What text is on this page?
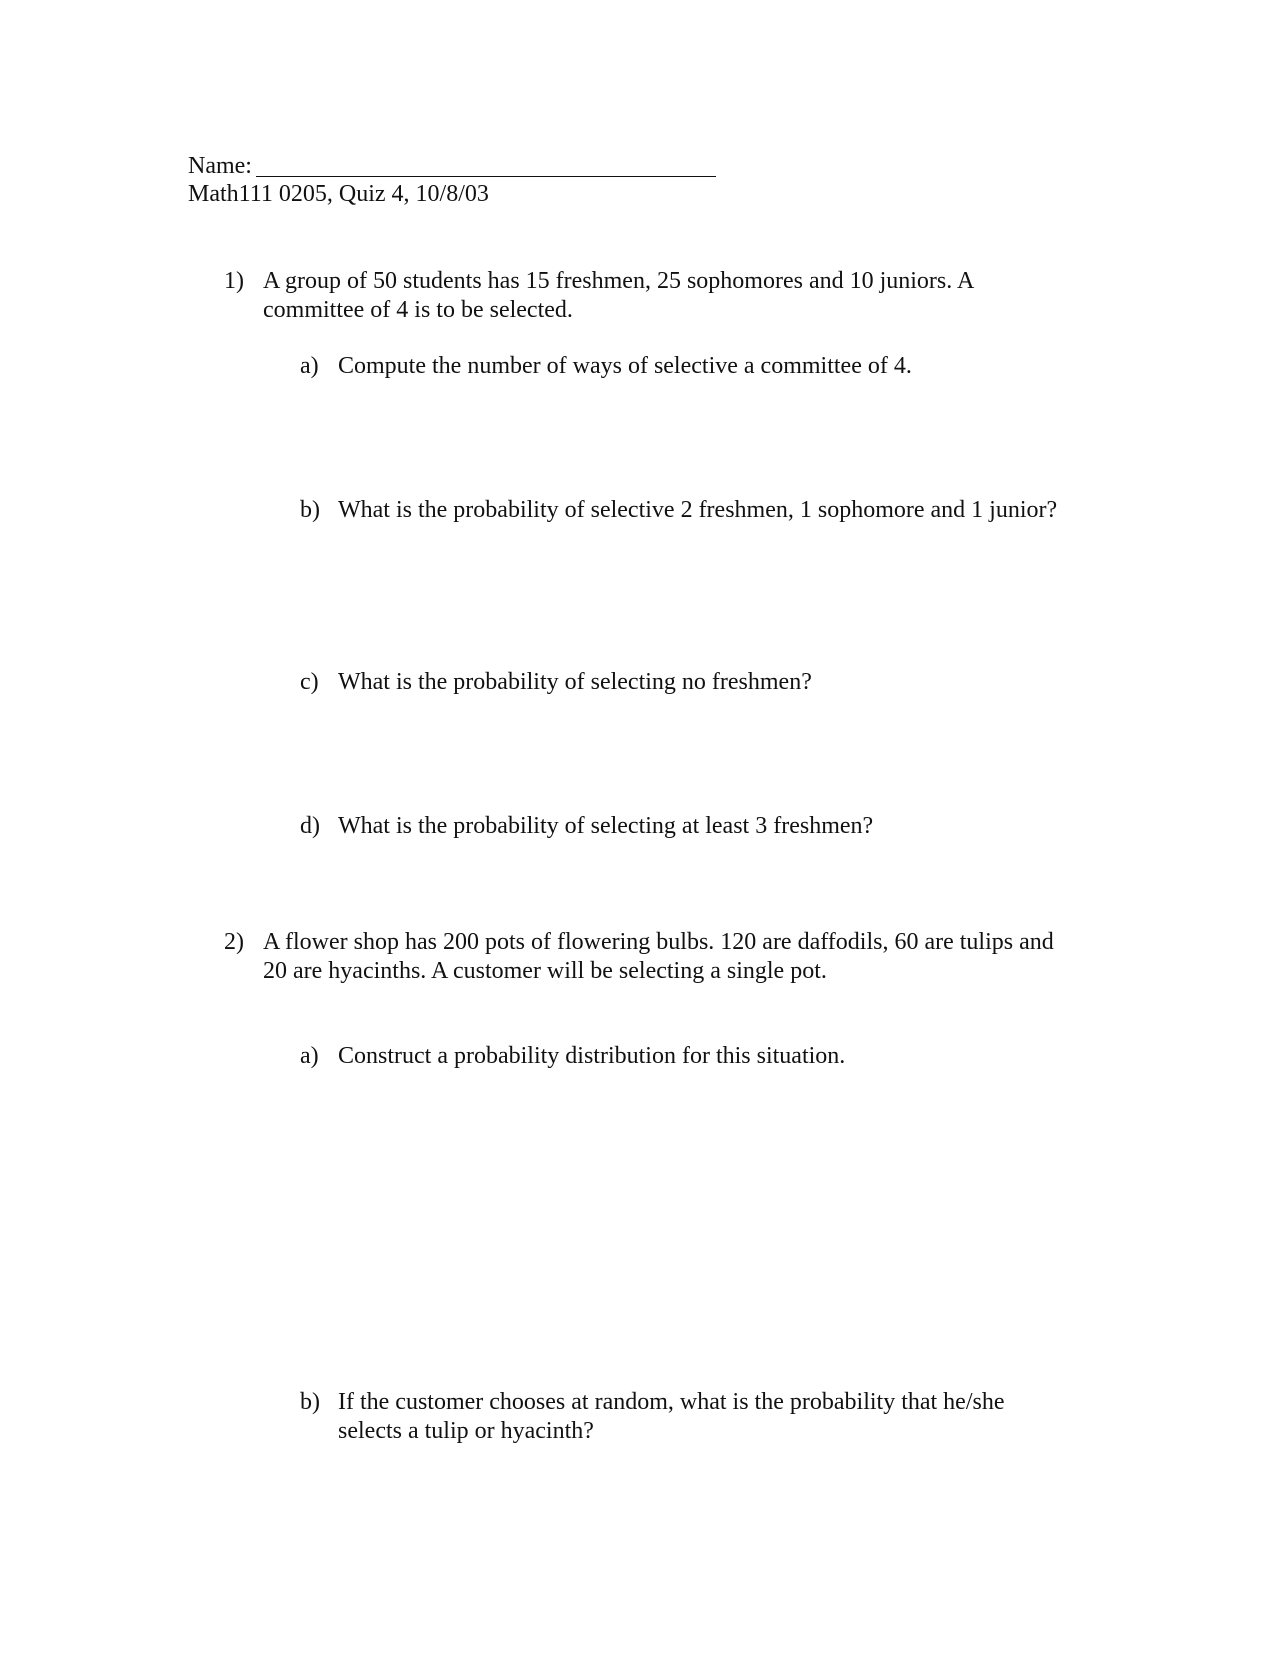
Name:
Math111 0205, Quiz 4, 10/8/03
1) A group of 50 students has 15 freshmen, 25 sophomores and 10 juniors. A committee of 4 is to be selected.
a) Compute the number of ways of selective a committee of 4.
b) What is the probability of selective 2 freshmen, 1 sophomore and 1 junior?
c) What is the probability of selecting no freshmen?
d) What is the probability of selecting at least 3 freshmen?
2) A flower shop has 200 pots of flowering bulbs. 120 are daffodils, 60 are tulips and 20 are hyacinths. A customer will be selecting a single pot.
a) Construct a probability distribution for this situation.
b) If the customer chooses at random, what is the probability that he/she selects a tulip or hyacinth?
